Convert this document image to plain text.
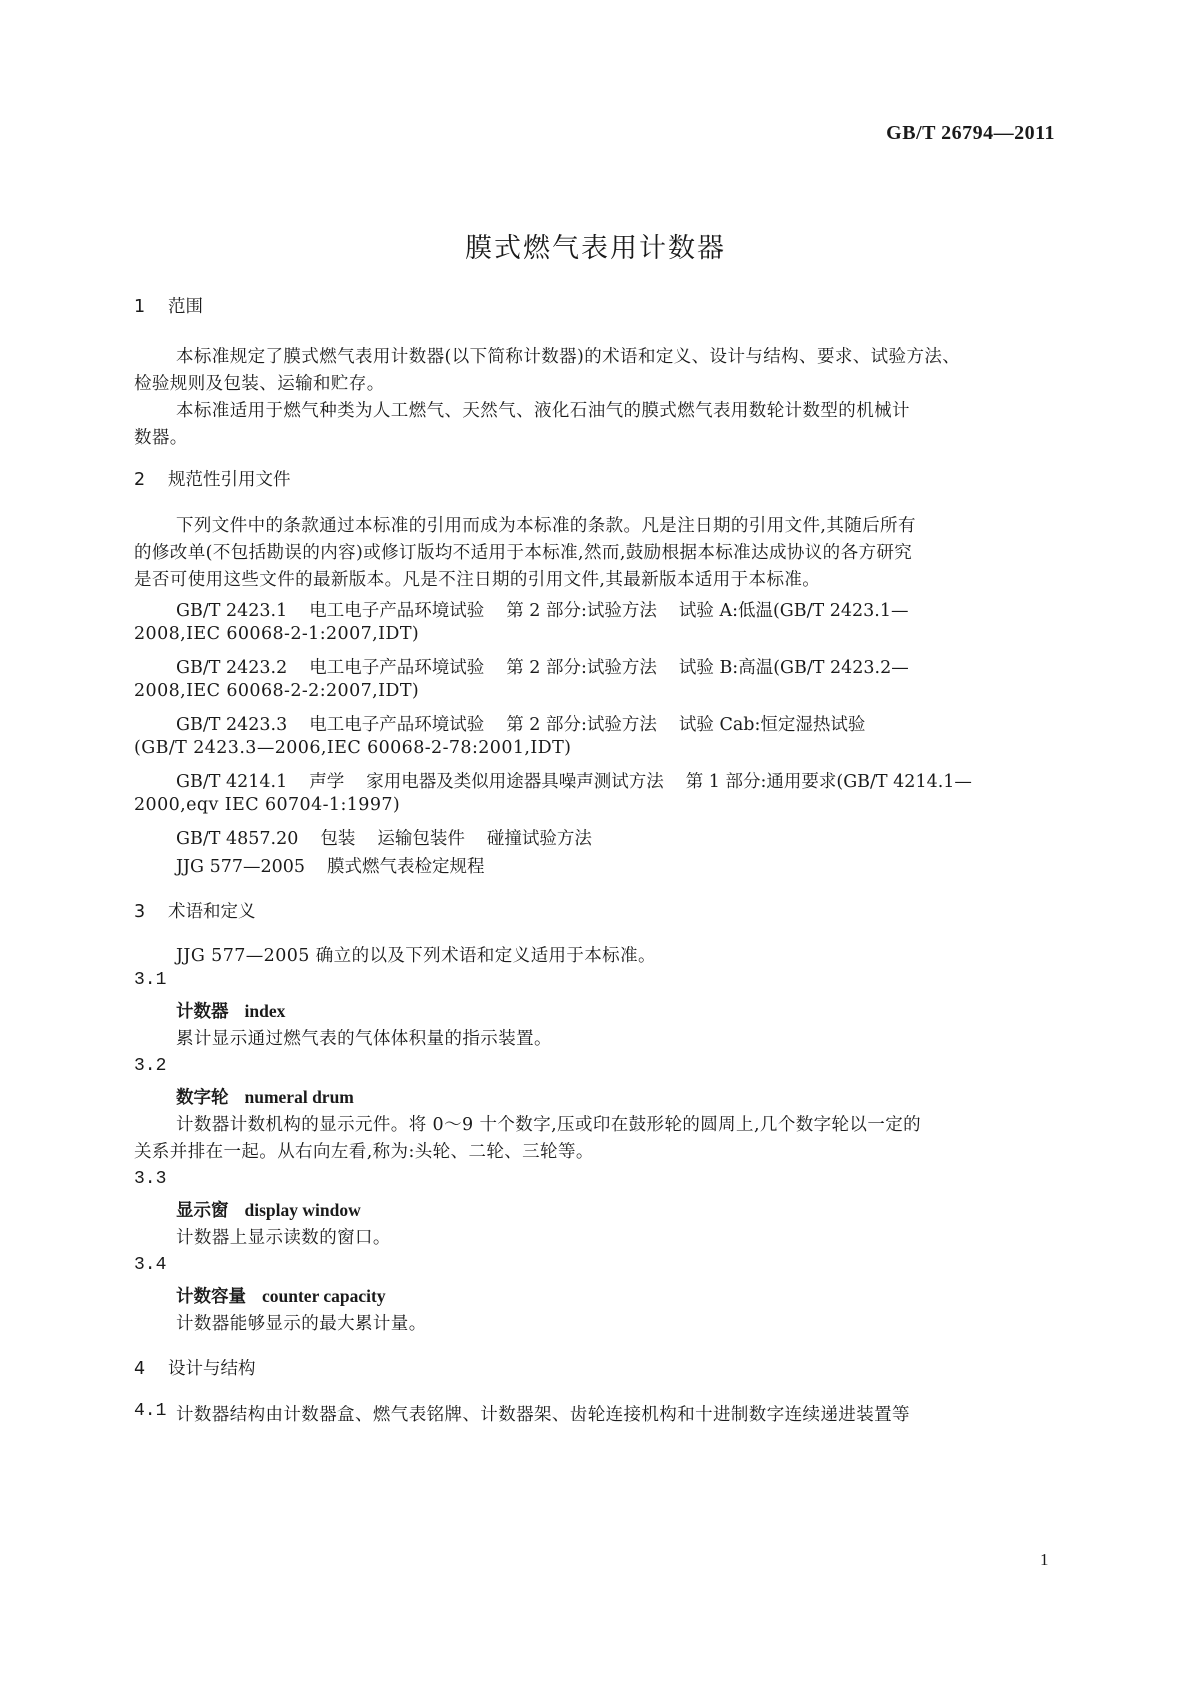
GB/T 26794—2011
膜式燃气表用计数器
1 范围
本标准规定了膜式燃气表用计数器(以下简称计数器)的术语和定义、设计与结构、要求、试验方法、
检验规则及包装、运输和贮存。
本标准适用于燃气种类为人工燃气、天然气、液化石油气的膜式燃气表用数轮计数型的机械计
数器。
2 规范性引用文件
下列文件中的条款通过本标准的引用而成为本标准的条款。凡是注日期的引用文件,其随后所有
的修改单(不包括勘误的内容)或修订版均不适用于本标准,然而,鼓励根据本标准达成协议的各方研究
是否可使用这些文件的最新版本。凡是不注日期的引用文件,其最新版本适用于本标准。
GB/T 2423.1 电工电子产品环境试验 第 2 部分:试验方法 试验 A:低温(GB/T 2423.1—
2008,IEC 60068-2-1:2007,IDT)
GB/T 2423.2 电工电子产品环境试验 第 2 部分:试验方法 试验 B:高温(GB/T 2423.2—
2008,IEC 60068-2-2:2007,IDT)
GB/T 2423.3 电工电子产品环境试验 第 2 部分:试验方法 试验 Cab:恒定湿热试验
(GB/T 2423.3—2006,IEC 60068-2-78:2001,IDT)
GB/T 4214.1 声学 家用电器及类似用途器具噪声测试方法 第 1 部分:通用要求(GB/T 4214.1—
2000,eqv IEC 60704-1:1997)
GB/T 4857.20 包装 运输包装件 碰撞试验方法
JJG 577—2005 膜式燃气表检定规程
3 术语和定义
JJG 577—2005 确立的以及下列术语和定义适用于本标准。
3.1
计数器 index
累计显示通过燃气表的气体体积量的指示装置。
3.2
数字轮 numeral drum
计数器计数机构的显示元件。将 0～9 十个数字,压或印在鼓形轮的圆周上,几个数字轮以一定的
关系并排在一起。从右向左看,称为:头轮、二轮、三轮等。
3.3
显示窗 display window
计数器上显示读数的窗口。
3.4
计数容量 counter capacity
计数器能够显示的最大累计量。
4 设计与结构
4.1 计数器结构由计数器盒、燃气表铭牌、计数器架、齿轮连接机构和十进制数字连续递进装置等
1
